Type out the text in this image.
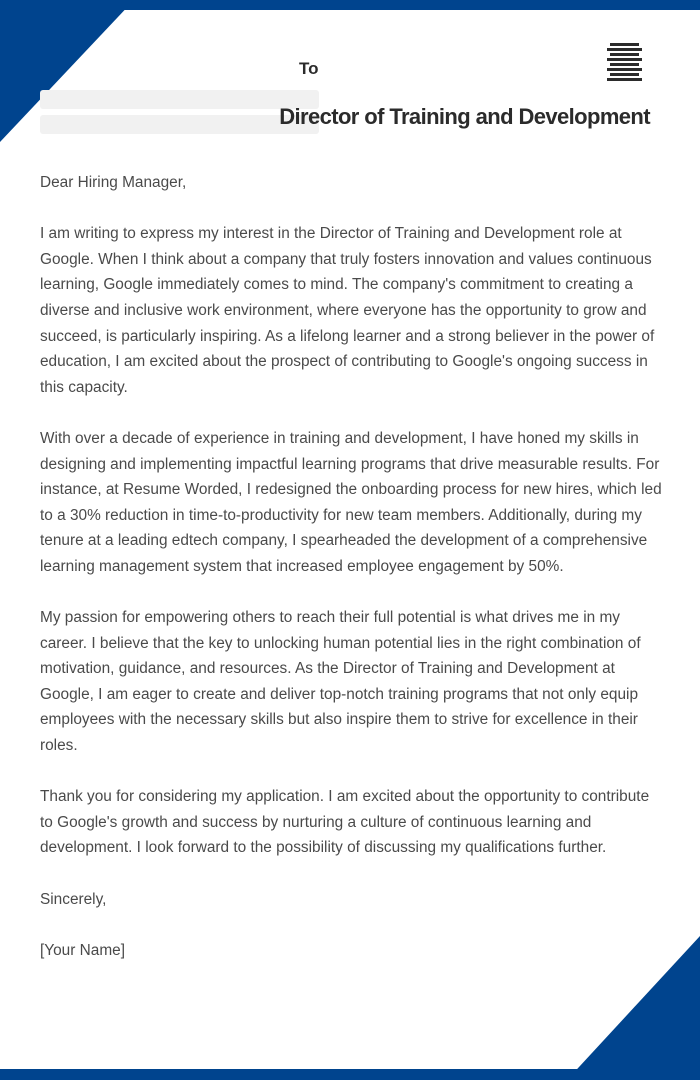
To
Director of Training and Development

Dear Hiring Manager,

I am writing to express my interest in the Director of Training and Development role at Google. When I think about a company that truly fosters innovation and values continuous learning, Google immediately comes to mind. The company's commitment to creating a diverse and inclusive work environment, where everyone has the opportunity to grow and succeed, is particularly inspiring. As a lifelong learner and a strong believer in the power of education, I am excited about the prospect of contributing to Google's ongoing success in this capacity.

With over a decade of experience in training and development, I have honed my skills in designing and implementing impactful learning programs that drive measurable results. For instance, at Resume Worded, I redesigned the onboarding process for new hires, which led to a 30% reduction in time-to-productivity for new team members. Additionally, during my tenure at a leading edtech company, I spearheaded the development of a comprehensive learning management system that increased employee engagement by 50%.

My passion for empowering others to reach their full potential is what drives me in my career. I believe that the key to unlocking human potential lies in the right combination of motivation, guidance, and resources. As the Director of Training and Development at Google, I am eager to create and deliver top-notch training programs that not only equip employees with the necessary skills but also inspire them to strive for excellence in their roles.

Thank you for considering my application. I am excited about the opportunity to contribute to Google's growth and success by nurturing a culture of continuous learning and development. I look forward to the possibility of discussing my qualifications further.

Sincerely,

[Your Name]
